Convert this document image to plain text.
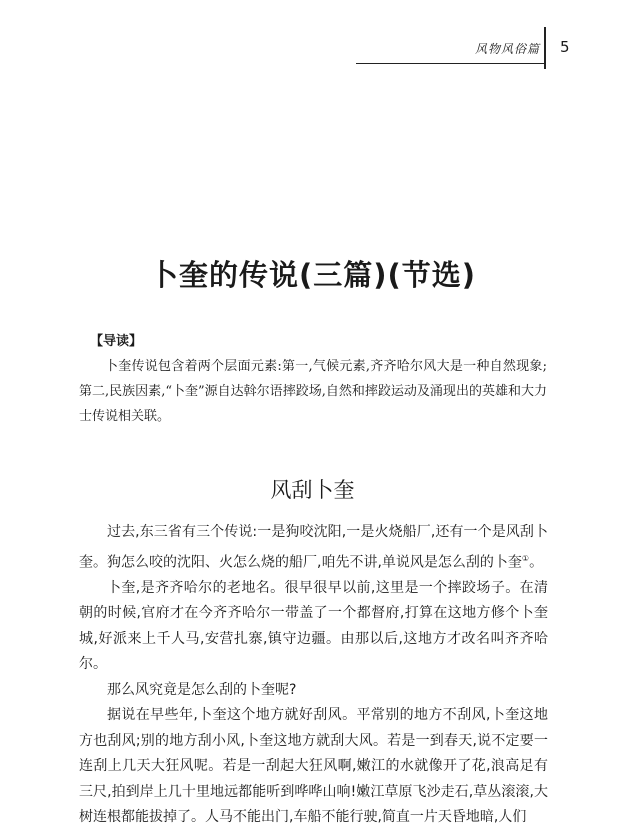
风物风俗篇 5
卜奎的传说(三篇)(节选)
【导读】
卜奎传说包含着两个层面元素:第一,气候元素,齐齐哈尔风大是一种自然现象;第二,民族因素,“卜奎”源自达斡尔语摔跤场,自然和摔跤运动及涌现出的英雄和大力士传说相关联。
风刮卜奎

过去,东三省有三个传说:一是狗咬沈阳,一是火烧船厂,还有一个是风刮卜奎。狗怎么咬的沈阳、火怎么烧的船厂,咱先不讲,单说风是怎么刮的卜奎①。

卜奎,是齐齐哈尔的老地名。很早很早以前,这里是一个摔跤场子。在清朝的时候,官府才在今齐齐哈尔一带盖了一个都督府,打算在这地方修个卜奎城,好派来上千人马,安营扎寨,镇守边疆。由那以后,这地方才改名叫齐齐哈尔。

那么风究竟是怎么刮的卜奎呢?

据说在早些年,卜奎这个地方就好刮风。平常别的地方不刮风,卜奎这地方也刮风;别的地方刮小风,卜奎这地方就刮大风。若是一到春天,说不定要一连刮上几天大狂风呢。若是一刮起大狂风啊,嫩江的水就像开了花,浪高足有三尺,拍到岸上几十里地远都能听到哗哗山响!嫩江草原飞沙走石,草丛滚滚,大树连根都能拔掉了。人马不能出门,车船不能行驶,简直一片天昏地暗,人们
